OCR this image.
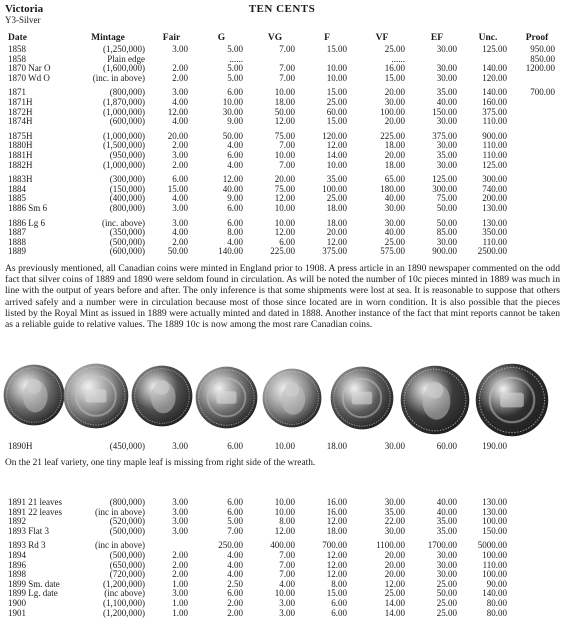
Victoria
Y3-Silver
TEN CENTS
Date	Mintage	Fair	G	VG	F	VF	EF	Unc.	Proof
1858	(1,250,000)	3.00	5.00	7.00	15.00	25.00	30.00	125.00	950.00
1858	Plain edge		......			......			850.00
1870 Nar O	(1,600,000)	2.00	5.00	7.00	10.00	16.00	30.00	140.00	1200.00
1870 Wd O	(inc. in above)	2.00	5.00	7.00	10.00	15.00	30.00	120.00	
1871	(800,000)	3.00	6.00	10.00	15.00	20.00	35.00	140.00	700.00
1871H	(1,870,000)	4.00	10.00	18.00	25.00	30.00	40.00	160.00	
1872H	(1,000,000)	12.00	30.00	50.00	60.00	100.00	150.00	375.00	
1874H	(600,000)	4.00	9.00	12.00	15.00	20.00	30.00	110.00	
1875H	(1,000,000)	20.00	50.00	75.00	120.00	225.00	375.00	900.00	
1880H	(1,500,000)	2.00	4.00	7.00	12.00	18.00	30.00	110.00	
1881H	(950,000)	3.00	6.00	10.00	14.00	20.00	35.00	110.00	
1882H	(1,000,000)	2.00	4.00	7.00	10.00	18.00	30.00	125.00	
1883H	(300,000)	6.00	12.00	20.00	35.00	65.00	125.00	300.00	
1884	(150,000)	15.00	40.00	75.00	100.00	180.00	300.00	740.00	
1885	(400,000)	4.00	9.00	12.00	25.00	40.00	75.00	200.00	
1886 Sm 6	(800,000)	3.00	6.00	10.00	18.00	30.00	50.00	130.00	
1886 Lg 6	(inc. above)	3.00	6.00	10.00	18.00	30.00	50.00	130.00	
1887	(350,000)	4.00	8.00	12.00	20.00	40.00	85.00	350.00	
1888	(500,000)	2.00	4.00	6.00	12.00	25.00	30.00	110.00	
1889	(600,000)	50.00	140.00	225.00	375.00	575.00	900.00	2500.00	

As previously mentioned, all Canadian coins were minted in England prior to 1908. A press article in an 1890 newspaper commented on the odd fact that silver coins of 1889 and 1890 were seldom found in circulation. As will be noted the number of 10c pieces minted in 1889 was much in line with the output of years before and after. The only inference is that some shipments were lost at sea. It is reasonable to suppose that others arrived safely and a number were in circulation because most of those since located are in worn condition. It is also possible that the pieces listed by the Royal Mint as issued in 1889 were actually minted and dated in 1888. Another instance of the fact that mint reports cannot be taken as a reliable guide to relative values. The 1889 10c is now among the most rare Canadian coins.

1890H	(450,000)	3.00	6.00	10.00	18.00	30.00	60.00	190.00	

On the 21 leaf variety, one tiny maple leaf is missing from right side of the wreath.

1891 21 leaves	(800,000)	3.00	6.00	10.00	16.00	30.00	40.00	130.00	
1891 22 leaves	(inc in above)	3.00	6.00	10.00	16.00	35.00	40.00	130.00	
1892	(520,000)	3.00	5.00	8.00	12.00	22.00	35.00	100.00	
1893 Flat 3	(500,000)	3.00	7.00	12.00	18.00	30.00	35.00	150.00	
1893 Rd 3	(inc in above)		250.00	400.00	700.00	1100.00	1700.00	5000.00	
1894	(500,000)	2.00	4.00	7.00	12.00	20.00	30.00	100.00	
1896	(650,000)	2.00	4.00	7.00	12.00	20.00	30.00	110.00	
1898	(720,000)	2.00	4.00	7.00	12.00	20.00	30.00	100.00	
1899 Sm. date	(1,200,000)	1.00	2.50	4.00	8.00	12.00	25.00	90.00	
1899 Lg. date	(inc above)	3.00	6.00	10.00	15.00	25.00	50.00	140.00	
1900	(1,100,000)	1.00	2.00	3.00	6.00	14.00	25.00	80.00	
1901	(1,200,000)	1.00	2.00	3.00	6.00	14.00	25.00	80.00	
